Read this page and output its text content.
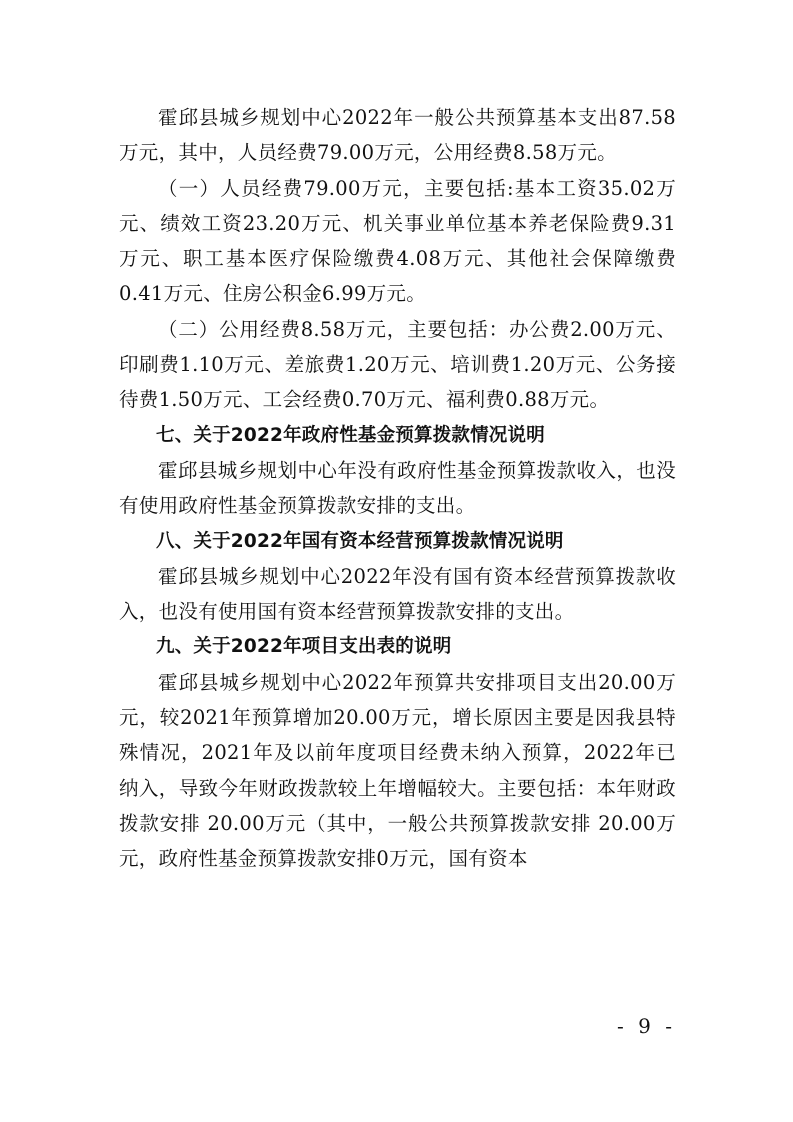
霍邱县城乡规划中心2022年一般公共预算基本支出87.58万元，其中，人员经费79.00万元，公用经费8.58万元。

（一）人员经费79.00万元，主要包括:基本工资35.02万元、绩效工资23.20万元、机关事业单位基本养老保险费9.31万元、职工基本医疗保险缴费4.08万元、其他社会保障缴费0.41万元、住房公积金6.99万元。

（二）公用经费8.58万元，主要包括：办公费2.00万元、印刷费1.10万元、差旅费1.20万元、培训费1.20万元、公务接待费1.50万元、工会经费0.70万元、福利费0.88万元。

七、关于2022年政府性基金预算拨款情况说明

霍邱县城乡规划中心年没有政府性基金预算拨款收入，也没有使用政府性基金预算拨款安排的支出。

八、关于2022年国有资本经营预算拨款情况说明

霍邱县城乡规划中心2022年没有国有资本经营预算拨款收入，也没有使用国有资本经营预算拨款安排的支出。

九、关于2022年项目支出表的说明

霍邱县城乡规划中心2022年预算共安排项目支出20.00万元，较2021年预算增加20.00万元，增长原因主要是因我县特殊情况，2021年及以前年度项目经费未纳入预算，2022年已纳入，导致今年财政拨款较上年增幅较大。主要包括：本年财政拨款安排 20.00万元（其中，一般公共预算拨款安排 20.00万元，政府性基金预算拨款安排0万元，国有资本

- 9 -
